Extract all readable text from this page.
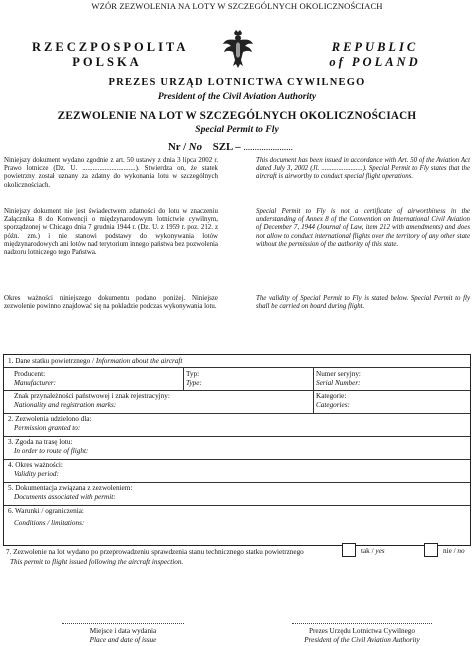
WZÓR ZEZWOLENIA NA LOTY W SZCZEGÓLNYCH OKOLICZNOŚCIACH
RZECZPOSPOLITA
POLSKA
REPUBLIC
of POLAND
PREZES URZĄD LOTNICTWA CYWILNEGO
President of the Civil Aviation Authority
ZEZWOLENIE NA LOT W SZCZEGÓLNYCH OKOLICZNOŚCIACH
Special Permit to Fly
Nr / No SZL – ......................
Niniejszy dokument wydano zgodnie z art. 50 ustawy z dnia 3 lipca 2002 r. Prawo lotnicze (Dz. U. ...............................). Stwierdza on, że statek powietrzny został uznany za zdatny do wykonania lotu w szczególnych okolicznościach.
Niniejszy dokument nie jest świadectwem zdatności do lotu w znaczeniu Załącznika 8 do Konwencji o międzynarodowym lotnictwie cywilnym, sporządzonej w Chicago dnia 7 grudnia 1944 r. (Dz. U. z 1959 r. poz. 212. z późn. zm.) i nie stanowi podstawy do wykonywania lotów międzynarodowych ani lotów nad terytorium innego państwa bez pozwolenia nadzoru lotniczego tego Państwa.
Okres ważności niniejszego dokumentu podano poniżej. Niniejsze zezwolenie powinno znajdować się na pokładzie podczas wykonywania lotu.
This document has been issued in accordance with Art. 50 of the Aviation Act dated July 3, 2002 (Jl. ........................). Special Permit to Fly states that the aircraft is airworthy to conduct special flight operations.
Special Permit to Fly is not a certificate of airworthiness in the understanding of Annex 8 of the Convention on International Civil Aviation of December 7, 1944 (Journal of Law, item 212 with amendments) and does not allow to conduct international flights over the territory of any other state without the permission of the authority of this state.
The validity of Special Permit to Fly is stated below. Special Permit to fly shall be carried on board during flight.
1. Dane statku powietrznego / Information about the aircraft
Producent:
Manufacturer:
Typ:
Type:
Numer seryjny:
Serial Number:
Znak przynależności państwowej i znak rejestracyjny:
Nationality and registration marks:
Kategorie:
Categories:
2. Zezwolenia udzielono dla:
Permission granted to:
3. Zgoda na trasę lotu:
In order to route of flight:
4. Okres ważności:
Validity period:
5. Dokumentacja związana z zezwoleniem:
Documents associated with permit:
6. Warunki / ograniczenia:
Conditions / limitations:
7. Zezwolenie na lot wydano po przeprowadzeniu sprawdzenia stanu technicznego statku powietrznego
This permit to flight issued following the aircraft inspection.
tak / yes	nie / no
Miejsce i data wydania
Place and date of issue
Prezes Urzędu Lotnictwa Cywilnego
President of the Civil Aviation Authority
